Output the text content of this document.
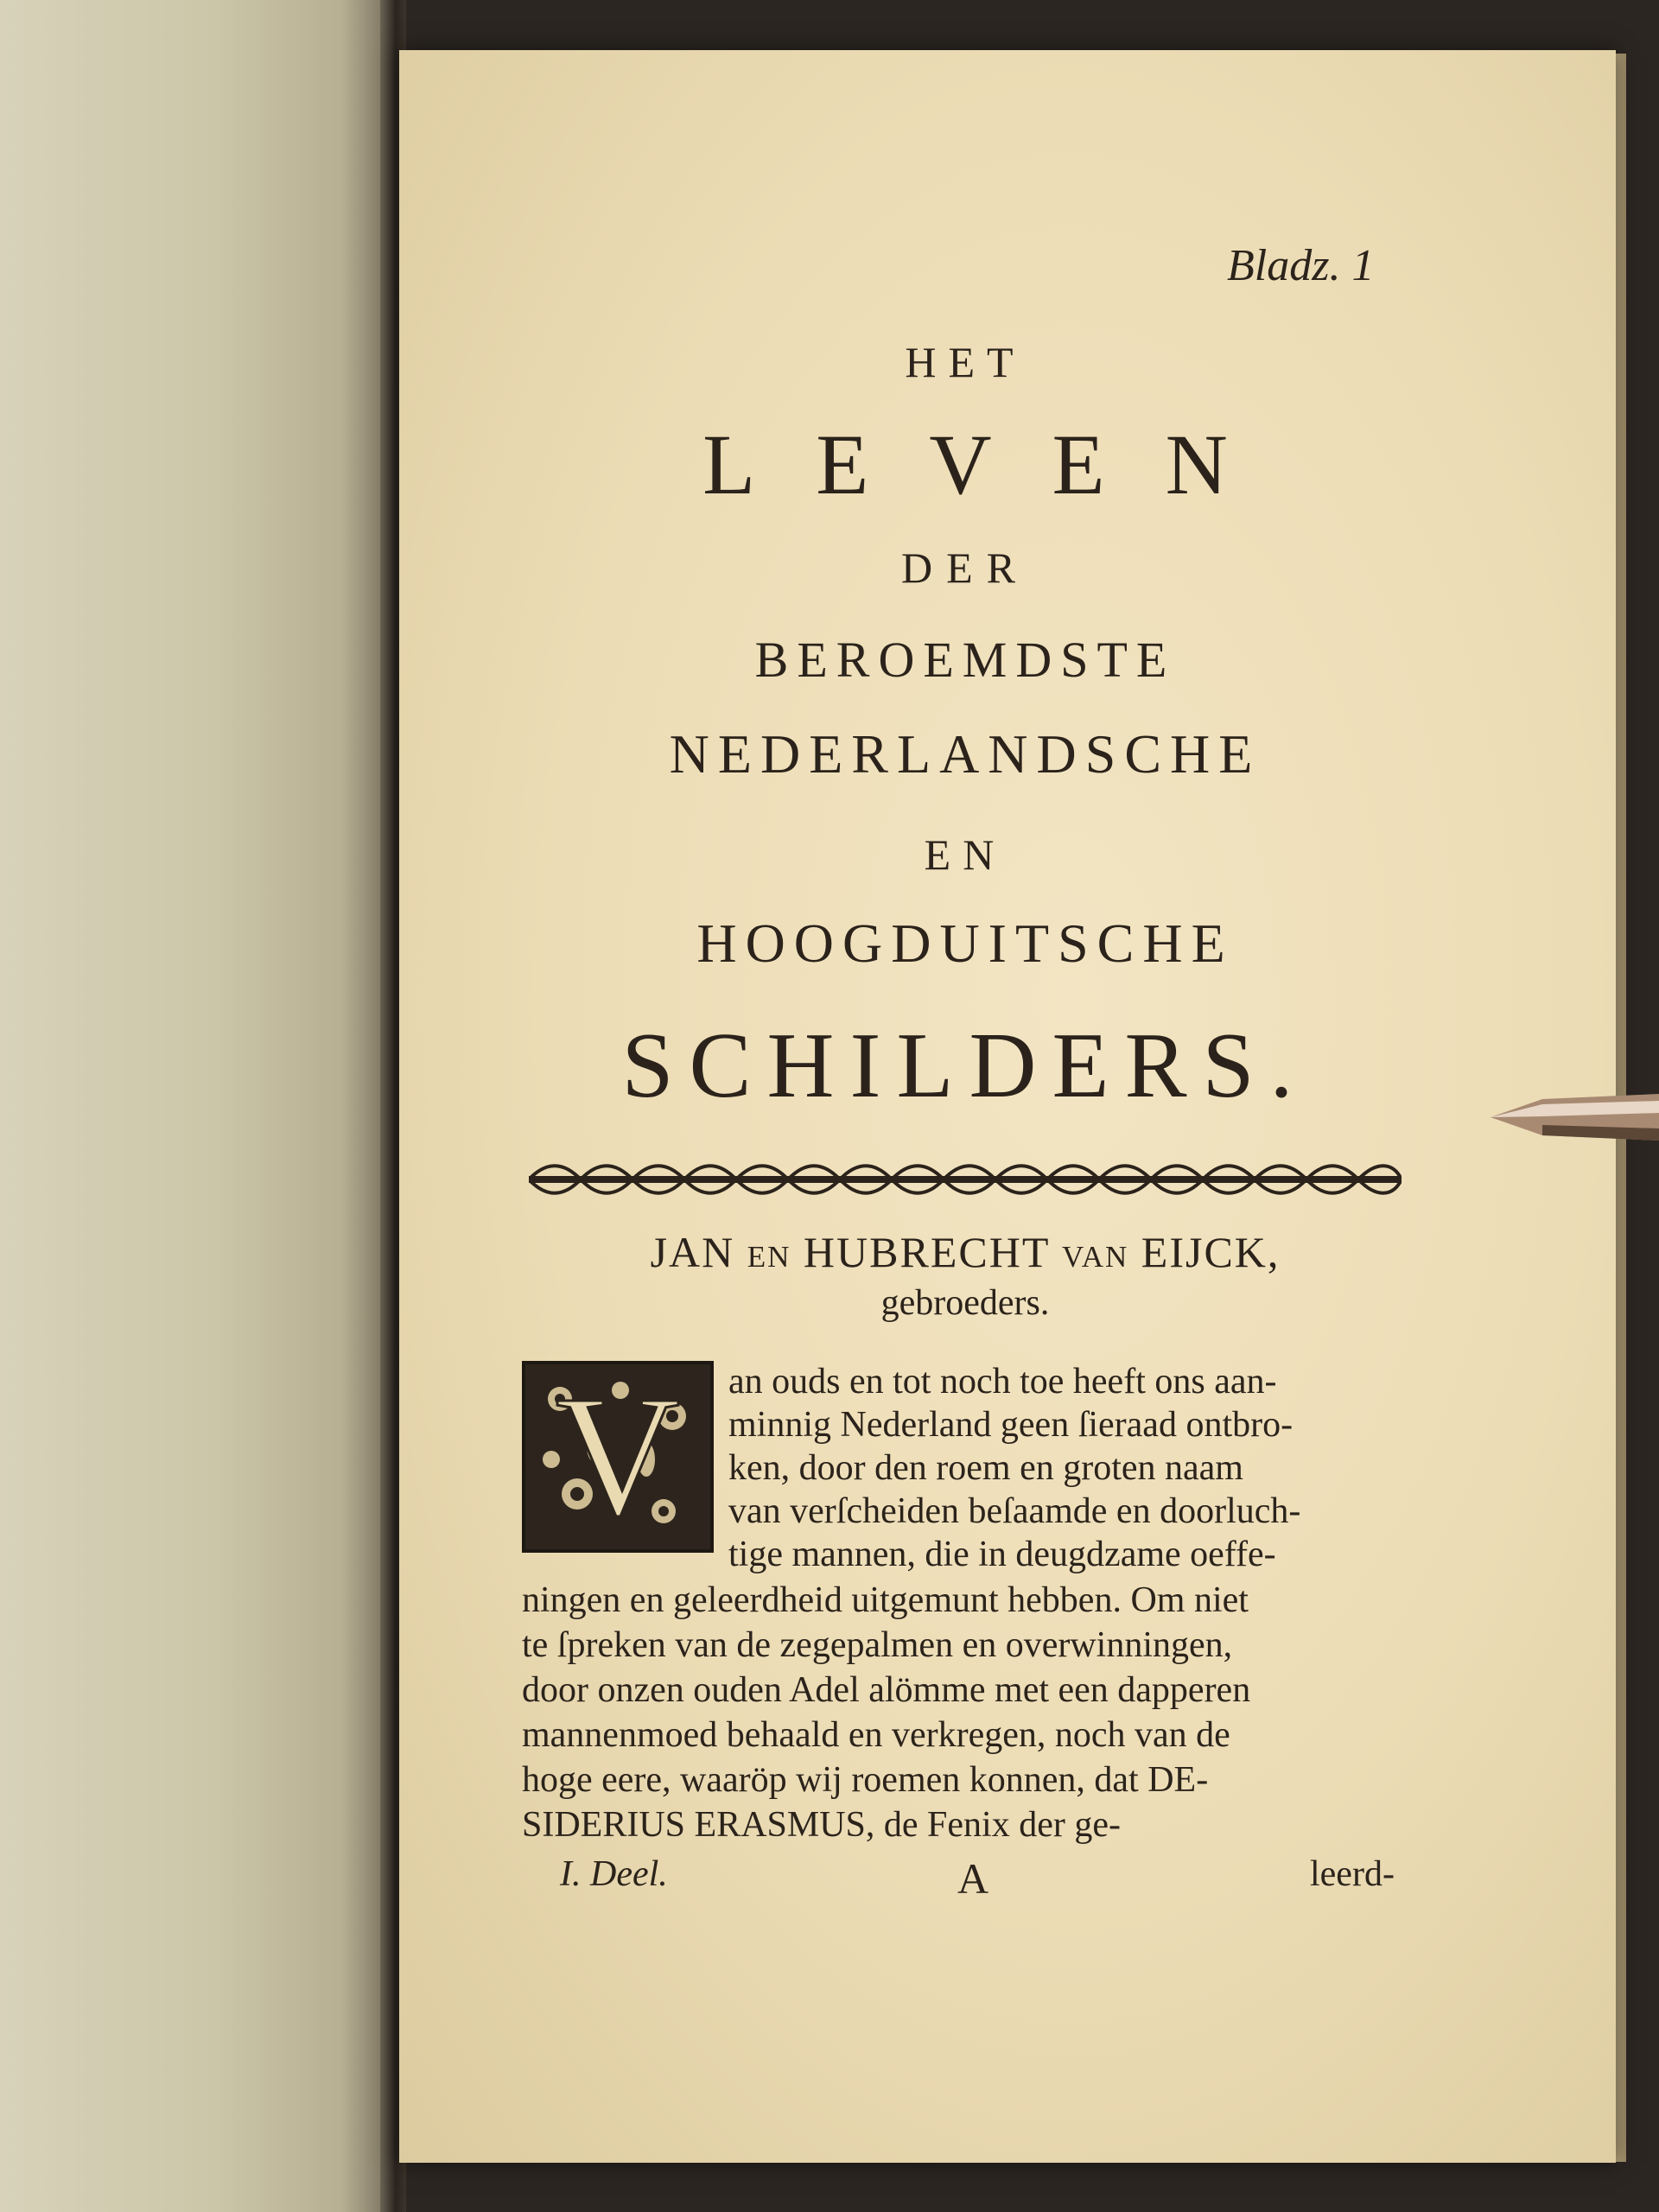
Bladz. 1
HET
LEVEN
DER
BEROEMDSTE
NEDERLANDSCHE
EN
HOOGDUITSCHE
SCHILDERS.
JAN en HUBRECHT van EIJCK,
gebroeders.
V	an ouds en tot noch toe heeft ons aan-
minnig Nederland geen ſieraad ontbro-
ken, door den roem en groten naam
van verſcheiden beſaamde en doorluch-
tige mannen, die in deugdzame oeffe-
ningen en geleerdheid uitgemunt hebben. Om niet
te ſpreken van de zegepalmen en overwinningen,
door onzen ouden Adel alömme met een dapperen
mannenmoed behaald en verkregen, noch van de
hoge eere, waaröp wij roemen konnen, dat DE-
SIDERIUS ERASMUS, de Fenix der ge-
I. Deel.	A	leerd-
